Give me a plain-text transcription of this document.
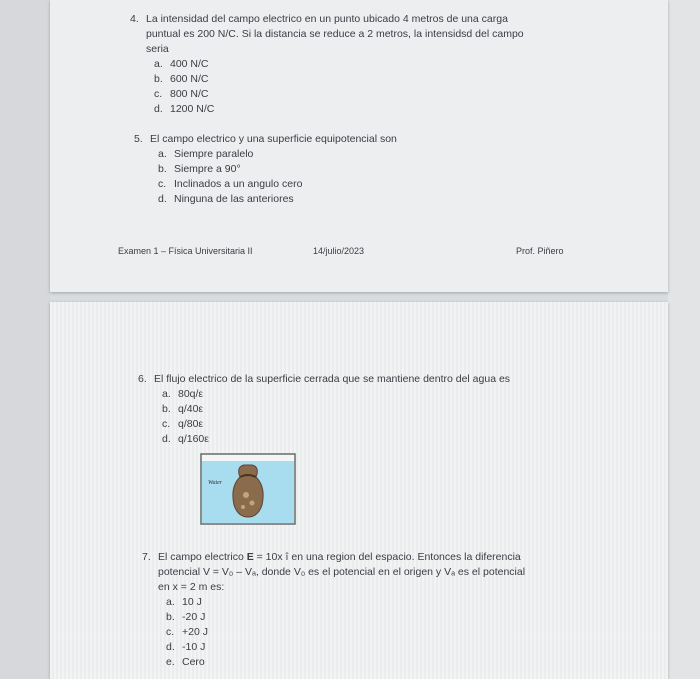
4. La intensidad del campo electrico en un punto ubicado 4 metros de una carga
puntual es 200 N/C. Si la distancia se reduce a 2 metros, la intensidsd del campo
seria
a. 400 N/C
b. 600 N/C
c. 800 N/C
d. 1200 N/C
5. El campo electrico y una superficie equipotencial son
a. Siempre paralelo
b. Siempre a 90°
c. Inclinados a un angulo cero
d. Ninguna de las anteriores
Examen 1 – Física Universitaria II	14/julio/2023	Prof. Piñero
6. El flujo electrico de la superficie cerrada que se mantiene dentro del agua es
a. 80q/ε
b. q/40ε
c. q/80ε
d. q/160ε
Water
7. El campo electrico E = 10x î en una region del espacio. Entonces la diferencia
potencial V = V₀ – Vₐ, donde V₀ es el potencial en el origen y Vₐ es el potencial
en x = 2 m es:
a. 10 J
b. -20 J
c. +20 J
d. -10 J
e. Cero
